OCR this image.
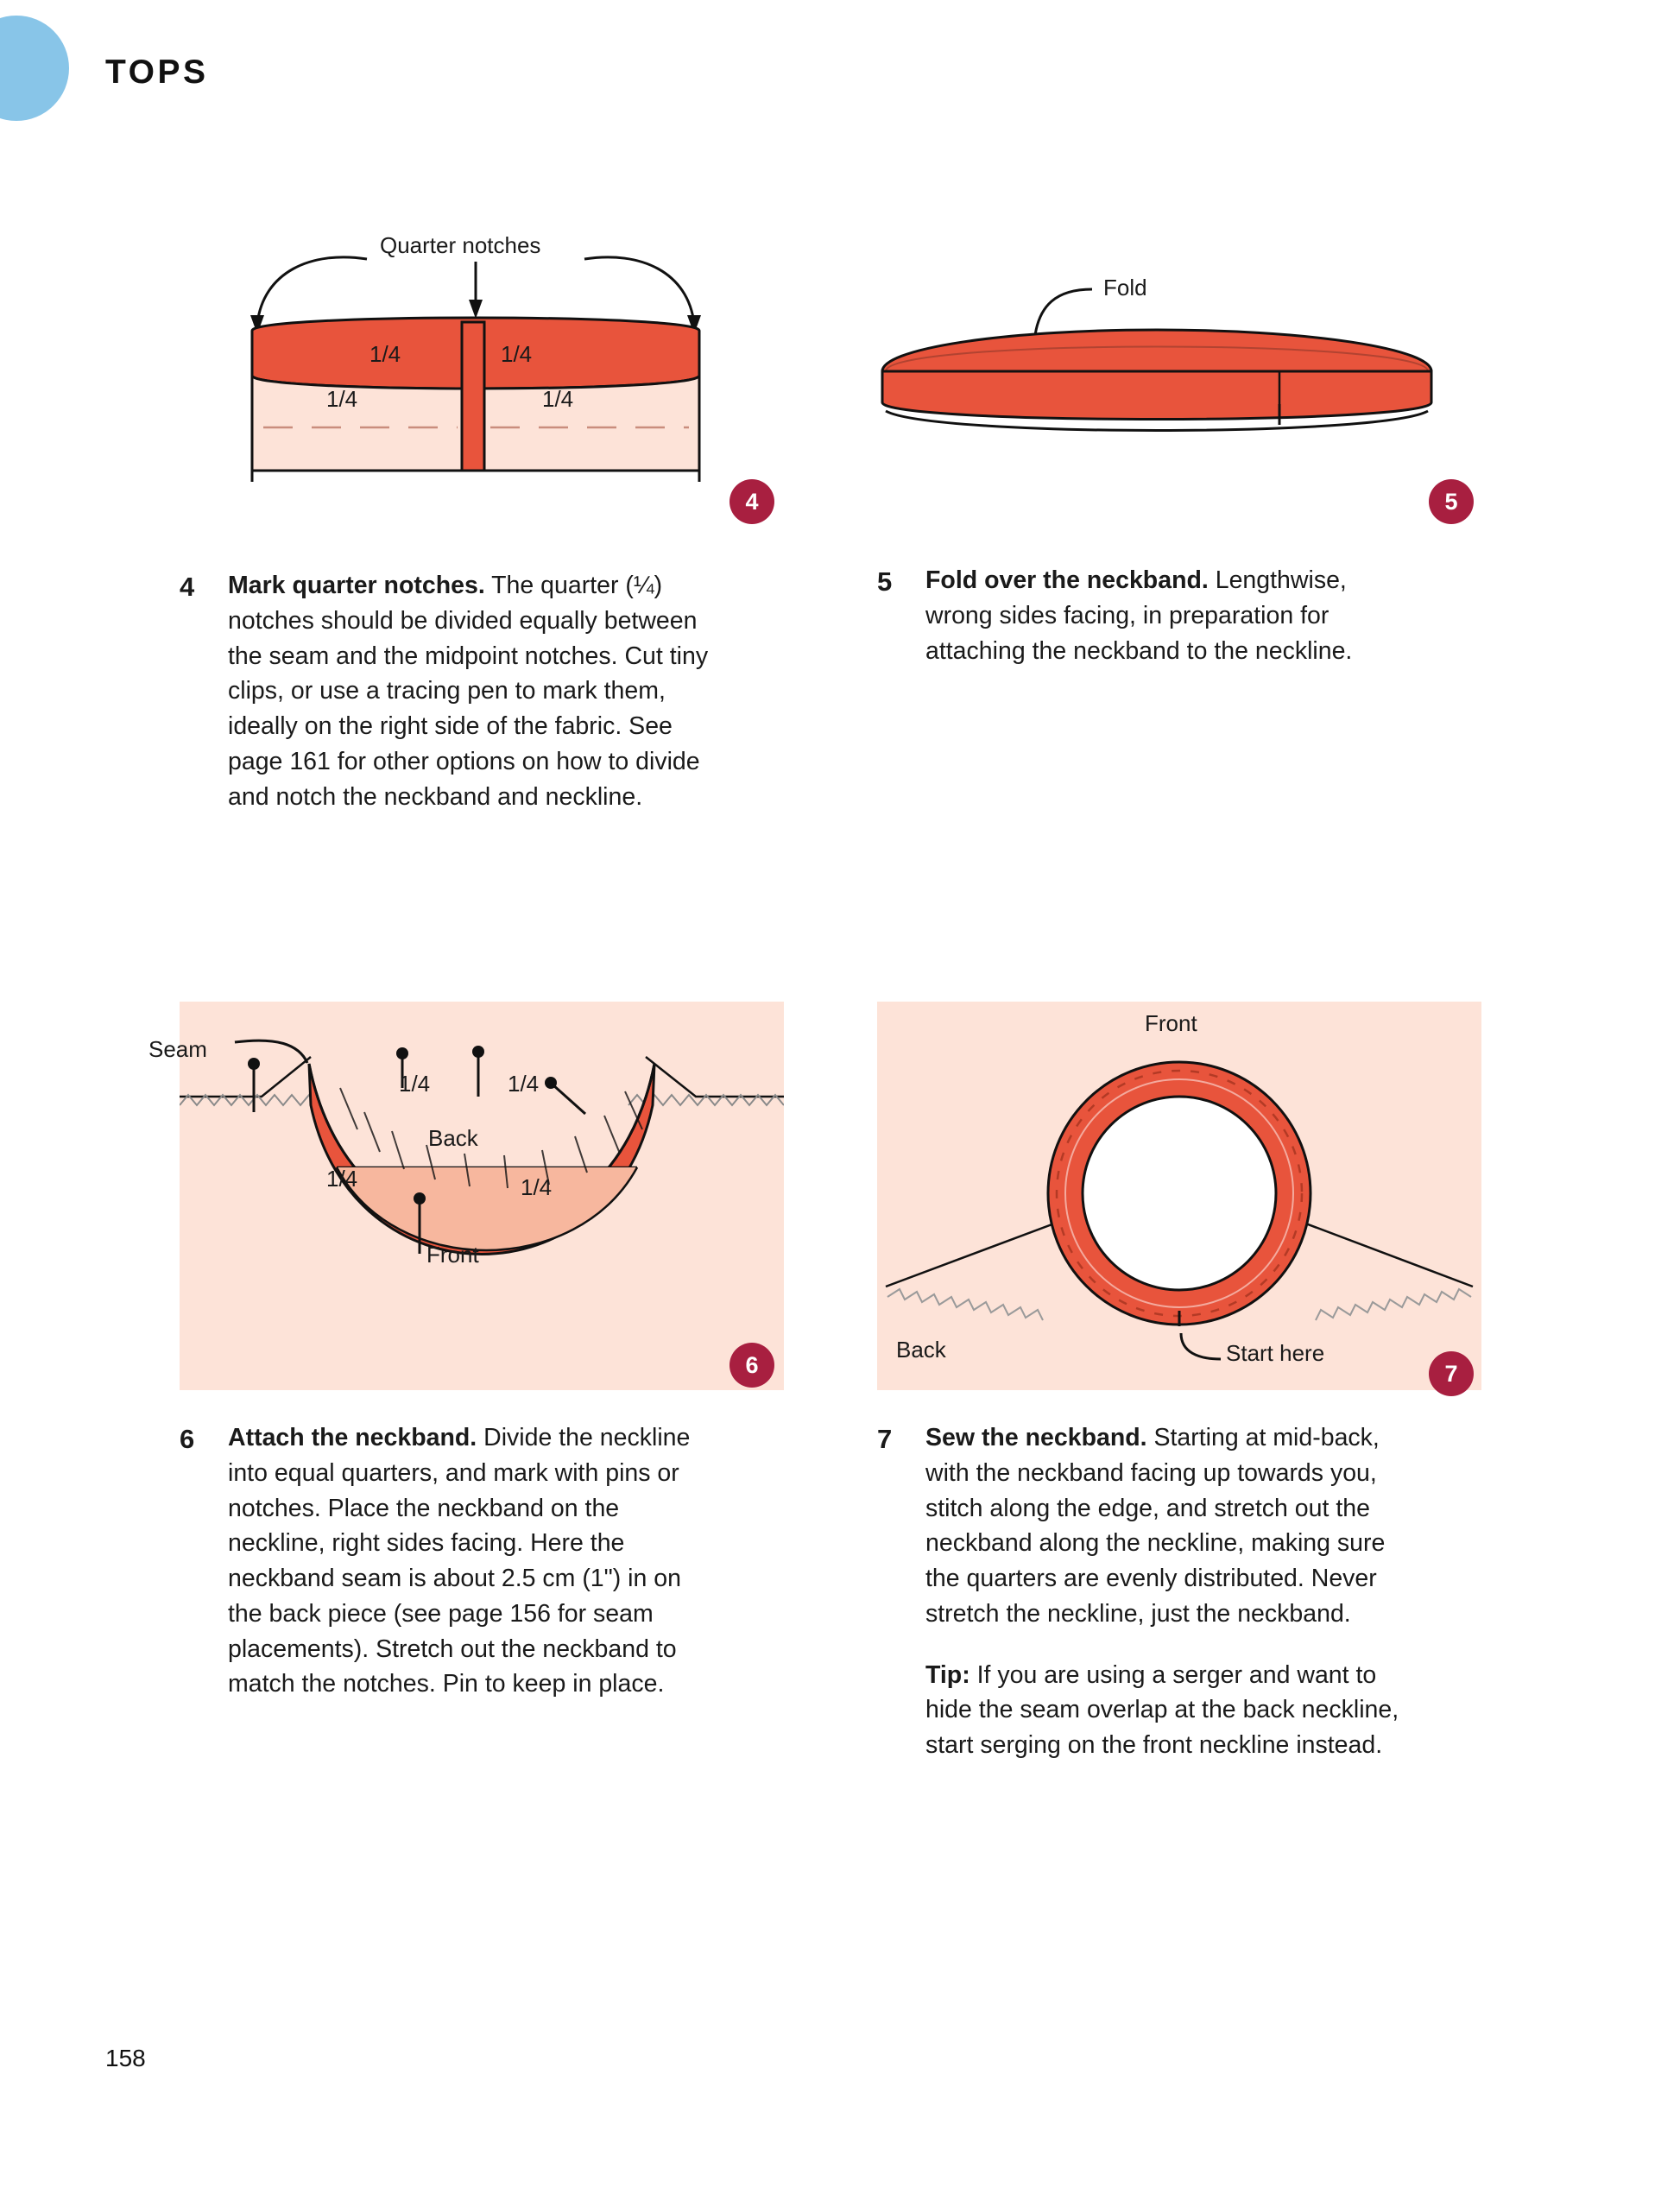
TOPS
Quarter notches
1/4	1/4
1/4	1/4
4
Fold
5
4 Mark quarter notches. The quarter (¼) notches should be divided equally between the seam and the midpoint notches. Cut tiny clips, or use a tracing pen to mark them, ideally on the right side of the fabric. See page 161 for other options on how to divide and notch the neckband and neckline.
5 Fold over the neckband. Lengthwise, wrong sides facing, in preparation for attaching the neckband to the neckline.
1/4	1/4
1/4	1/4
Back
Front
Seam
6
Front
Back	Start here
7
6 Attach the neckband. Divide the neckline into equal quarters, and mark with pins or notches. Place the neckband on the neckline, right sides facing. Here the neckband seam is about 2.5 cm (1") in on the back piece (see page 156 for seam placements). Stretch out the neckband to match the notches. Pin to keep in place.
7 Sew the neckband. Starting at mid-back, with the neckband facing up towards you, stitch along the edge, and stretch out the neckband along the neckline, making sure the quarters are evenly distributed. Never stretch the neckline, just the neckband.
Tip: If you are using a serger and want to hide the seam overlap at the back neckline, start serging on the front neckline instead.
158
